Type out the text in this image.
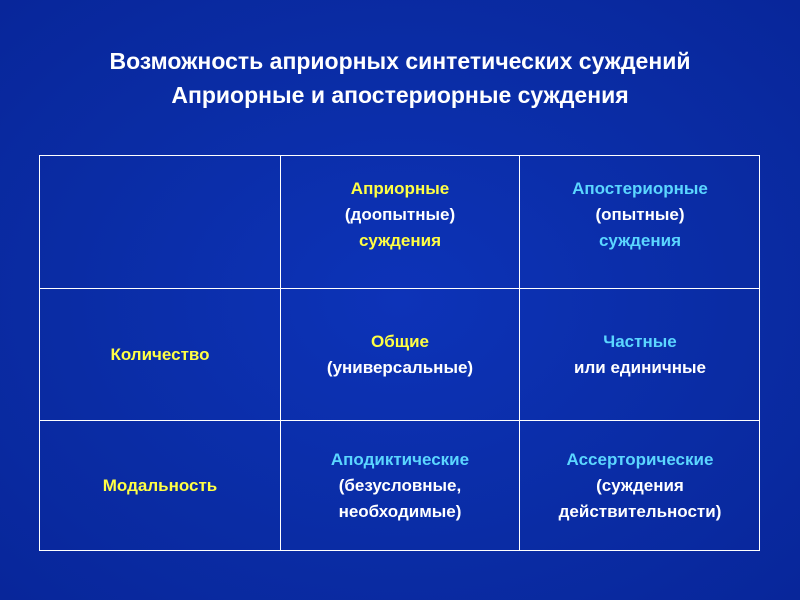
Возможность априорных синтетических суждений
Априорные и апостериорные суждения
Априорные
(доопытные)
суждения
Апостериорные
(опытные)
суждения
Количество
Общие
(универсальные)
Частные
или единичные
Модальность
Аподиктические
(безусловные,
необходимые)
Ассерторические
(суждения
действительности)
